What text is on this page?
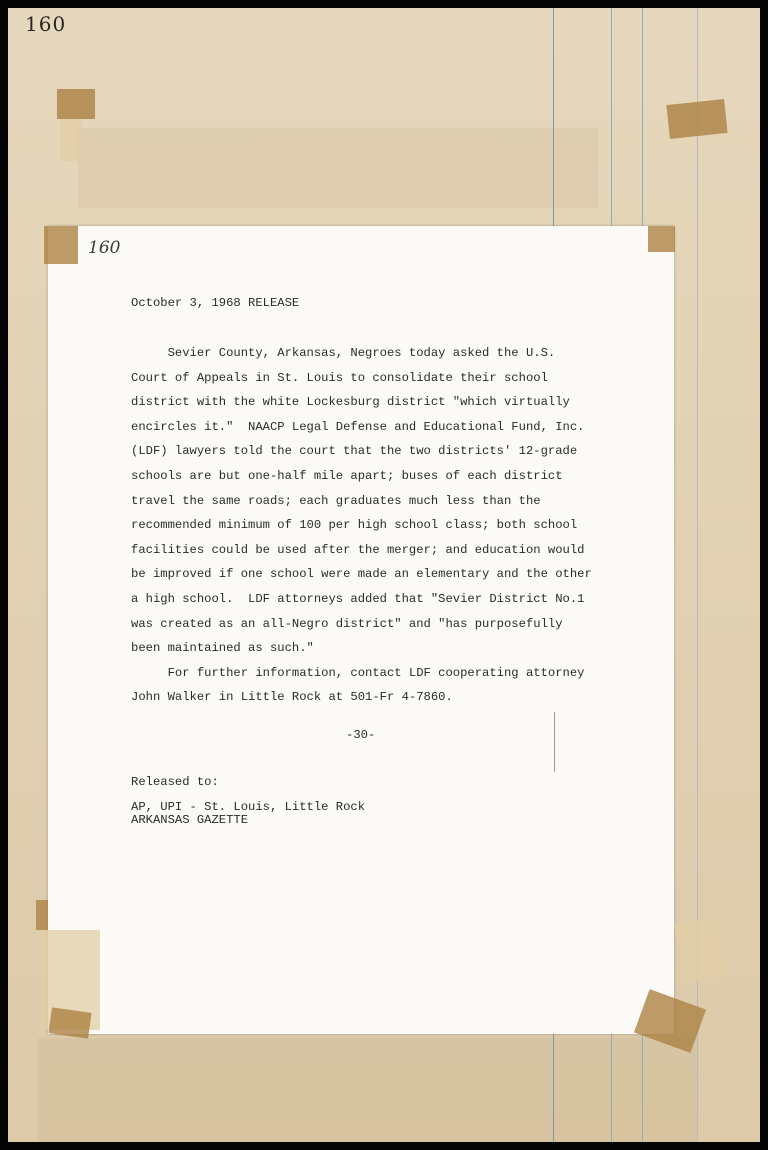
160
160
October 3, 1968 RELEASE
Sevier County, Arkansas, Negroes today asked the U.S.
Court of Appeals in St. Louis to consolidate their school
district with the white Lockesburg district "which virtually
encircles it."  NAACP Legal Defense and Educational Fund, Inc.
(LDF) lawyers told the court that the two districts' 12-grade
schools are but one-half mile apart; buses of each district
travel the same roads; each graduates much less than the
recommended minimum of 100 per high school class; both school
facilities could be used after the merger; and education would
be improved if one school were made an elementary and the other
a high school.  LDF attorneys added that "Sevier District No.1
was created as an all-Negro district" and "has purposefully
been maintained as such."
For further information, contact LDF cooperating attorney
John Walker in Little Rock at 501-Fr 4-7860.
-30-
Released to:
AP, UPI - St. Louis, Little Rock
ARKANSAS GAZETTE
